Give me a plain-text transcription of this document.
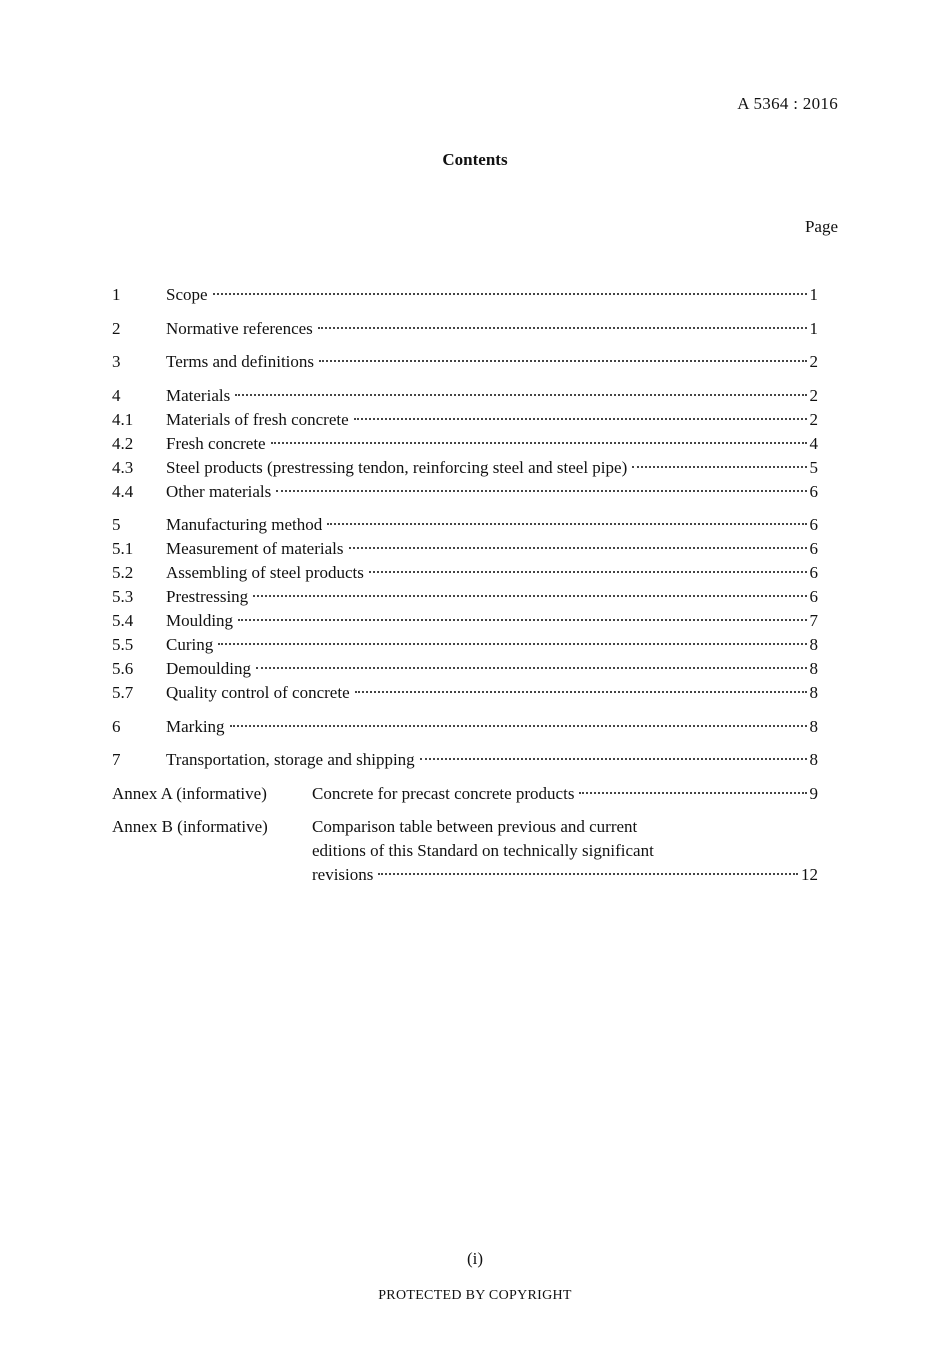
A 5364 : 2016
Contents
Page
1	Scope	1
2	Normative references	1
3	Terms and definitions	2
4	Materials	2
4.1	Materials of fresh concrete	2
4.2	Fresh concrete	4
4.3	Steel products (prestressing tendon, reinforcing steel and steel pipe)	5
4.4	Other materials	6
5	Manufacturing method	6
5.1	Measurement of materials	6
5.2	Assembling of steel products	6
5.3	Prestressing	6
5.4	Moulding	7
5.5	Curing	8
5.6	Demoulding	8
5.7	Quality control of concrete	8
6	Marking	8
7	Transportation, storage and shipping	8
Annex A (informative)	Concrete for precast concrete products	9
Annex B (informative)	Comparison table between previous and current
editions of this Standard on technically significant
revisions	12
(i)
PROTECTED BY COPYRIGHT
